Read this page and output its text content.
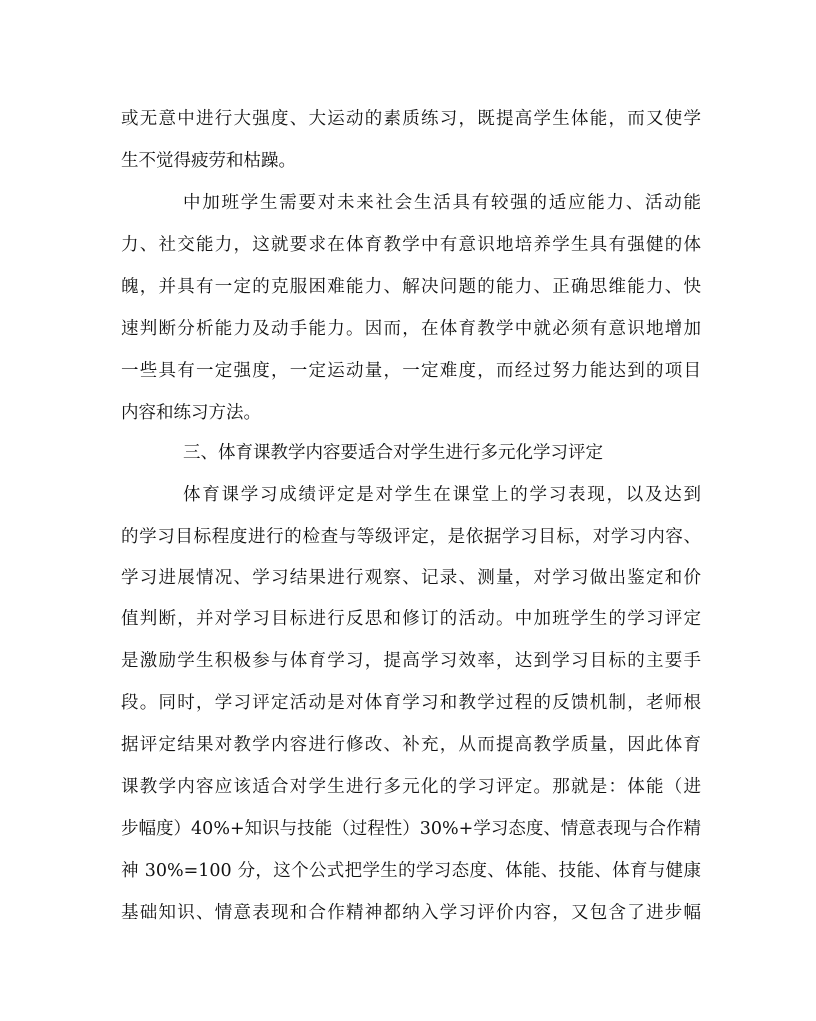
或无意中进行大强度、大运动的素质练习，既提高学生体能，而又使学
生不觉得疲劳和枯躁。
中加班学生需要对未来社会生活具有较强的适应能力、活动能
力、社交能力，这就要求在体育教学中有意识地培养学生具有强健的体
魄，并具有一定的克服困难能力、解决问题的能力、正确思维能力、快
速判断分析能力及动手能力。因而，在体育教学中就必须有意识地增加
一些具有一定强度，一定运动量，一定难度，而经过努力能达到的项目
内容和练习方法。
三、体育课教学内容要适合对学生进行多元化学习评定
体育课学习成绩评定是对学生在课堂上的学习表现，以及达到
的学习目标程度进行的检查与等级评定，是依据学习目标，对学习内容、
学习进展情况、学习结果进行观察、记录、测量，对学习做出鉴定和价
值判断，并对学习目标进行反思和修订的活动。中加班学生的学习评定
是激励学生积极参与体育学习，提高学习效率，达到学习目标的主要手
段。同时，学习评定活动是对体育学习和教学过程的反馈机制，老师根
据评定结果对教学内容进行修改、补充，从而提高教学质量，因此体育
课教学内容应该适合对学生进行多元化的学习评定。那就是：体能（进
步幅度）40%+知识与技能（过程性）30%+学习态度、情意表现与合作精
神 30%=100 分，这个公式把学生的学习态度、体能、技能、体育与健康
基础知识、情意表现和合作精神都纳入学习评价内容，又包含了进步幅
